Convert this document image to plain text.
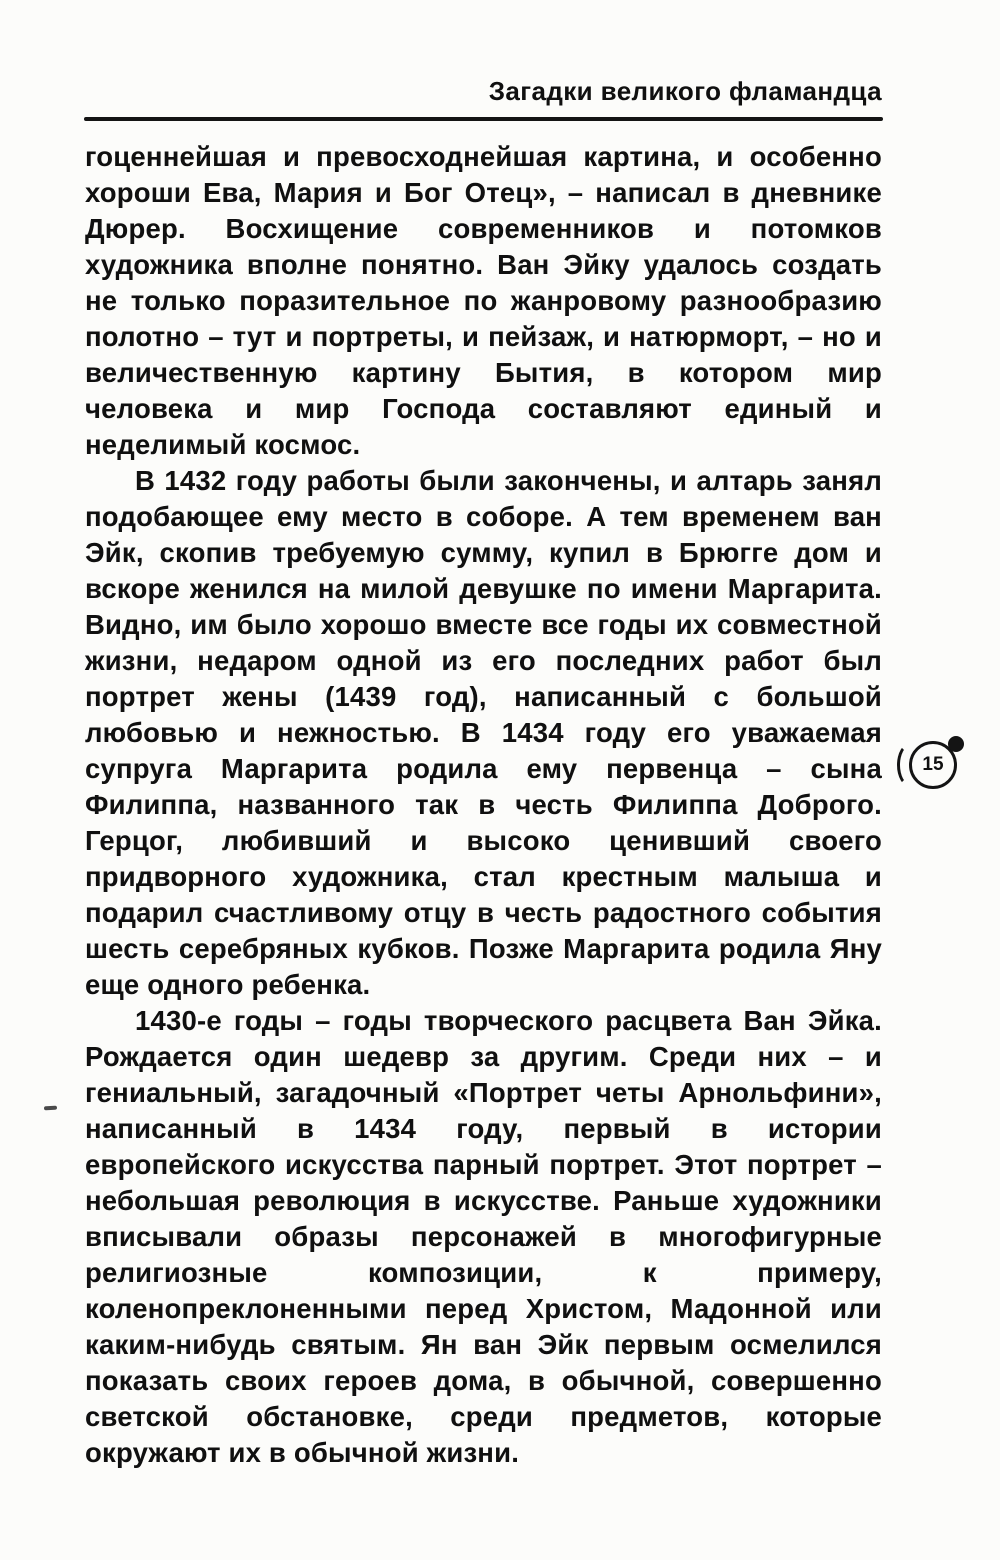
Загадки великого фламандца

гоценнейшая и превосходнейшая картина, и особенно хороши Ева, Мария и Бог Отец», – написал в дневнике Дюрер. Восхищение современников и потомков художника вполне понятно. Ван Эйку удалось создать не только поразительное по жанровому разнообразию полотно – тут и портреты, и пейзаж, и натюрморт, – но и величественную картину Бытия, в котором мир человека и мир Господа составляют единый и неделимый космос.

В 1432 году работы были закончены, и алтарь занял подобающее ему место в соборе. А тем временем ван Эйк, скопив требуемую сумму, купил в Брюгге дом и вскоре женился на милой девушке по имени Маргарита. Видно, им было хорошо вместе все годы их совместной жизни, недаром одной из его последних работ был портрет жены (1439 год), написанный с большой любовью и нежностью. В 1434 году его уважаемая супруга Маргарита родила ему первенца – сына Филиппа, названного так в честь Филиппа Доброго. Герцог, любивший и высоко ценивший своего придворного художника, стал крестным малыша и подарил счастливому отцу в честь радостного события шесть серебряных кубков. Позже Маргарита родила Яну еще одного ребенка.

1430-е годы – годы творческого расцвета Ван Эйка. Рождается один шедевр за другим. Среди них – и гениальный, загадочный «Портрет четы Арнольфини», написанный в 1434 году, первый в истории европейского искусства парный портрет. Этот портрет – небольшая революция в искусстве. Раньше художники вписывали образы персонажей в многофигурные религиозные композиции, к примеру, коленопреклоненными перед Христом, Мадонной или каким-нибудь святым. Ян ван Эйк первым осмелился показать своих героев дома, в обычной, совершенно светской обстановке, среди предметов, которые окружают их в обычной жизни.

15
